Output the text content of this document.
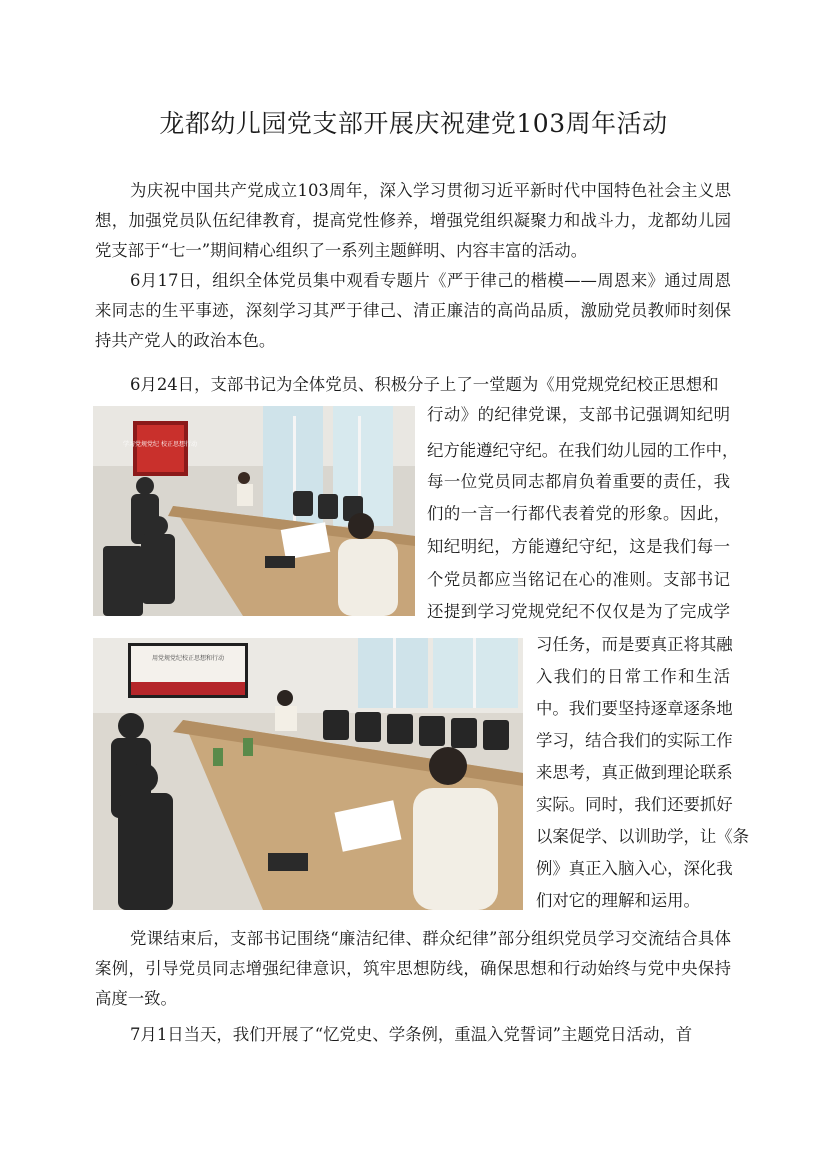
龙都幼儿园党支部开展庆祝建党103周年活动

为庆祝中国共产党成立103周年，深入学习贯彻习近平新时代中国特色社会主义思想，加强党员队伍纪律教育，提高党性修养，增强党组织凝聚力和战斗力，龙都幼儿园党支部于“七一”期间精心组织了一系列主题鲜明、内容丰富的活动。

6月17日，组织全体党员集中观看专题片《严于律己的楷模——周恩来》通过周恩来同志的生平事迹，深刻学习其严于律己、清正廉洁的高尚品质，激励党员教师时刻保持共产党人的政治本色。

6月24日，支部书记为全体党员、积极分子上了一堂题为《用党规党纪校正思想和

学习党规党纪 校正思想行动
用党规党纪校正思想和行动
行动》的纪律党课，支部书记强调知纪明
纪方能遵纪守纪。在我们幼儿园的工作中，
每一位党员同志都肩负着重要的责任，我
们的一言一行都代表着党的形象。因此，
知纪明纪，方能遵纪守纪，这是我们每一
个党员都应当铭记在心的准则。支部书记
还提到学习党规党纪不仅仅是为了完成学
习任务，而是要真正将其融
入我们的日常工作和生活
中。我们要坚持逐章逐条地
学习，结合我们的实际工作
来思考，真正做到理论联系
实际。同时，我们还要抓好
以案促学、以训助学，让《条
例》真正入脑入心，深化我
们对它的理解和运用。

党课结束后，支部书记围绕“廉洁纪律、群众纪律”部分组织党员学习交流结合具体案例，引导党员同志增强纪律意识，筑牢思想防线，确保思想和行动始终与党中央保持高度一致。

7月1日当天，我们开展了“忆党史、学条例，重温入党誓词”主题党日活动，首
